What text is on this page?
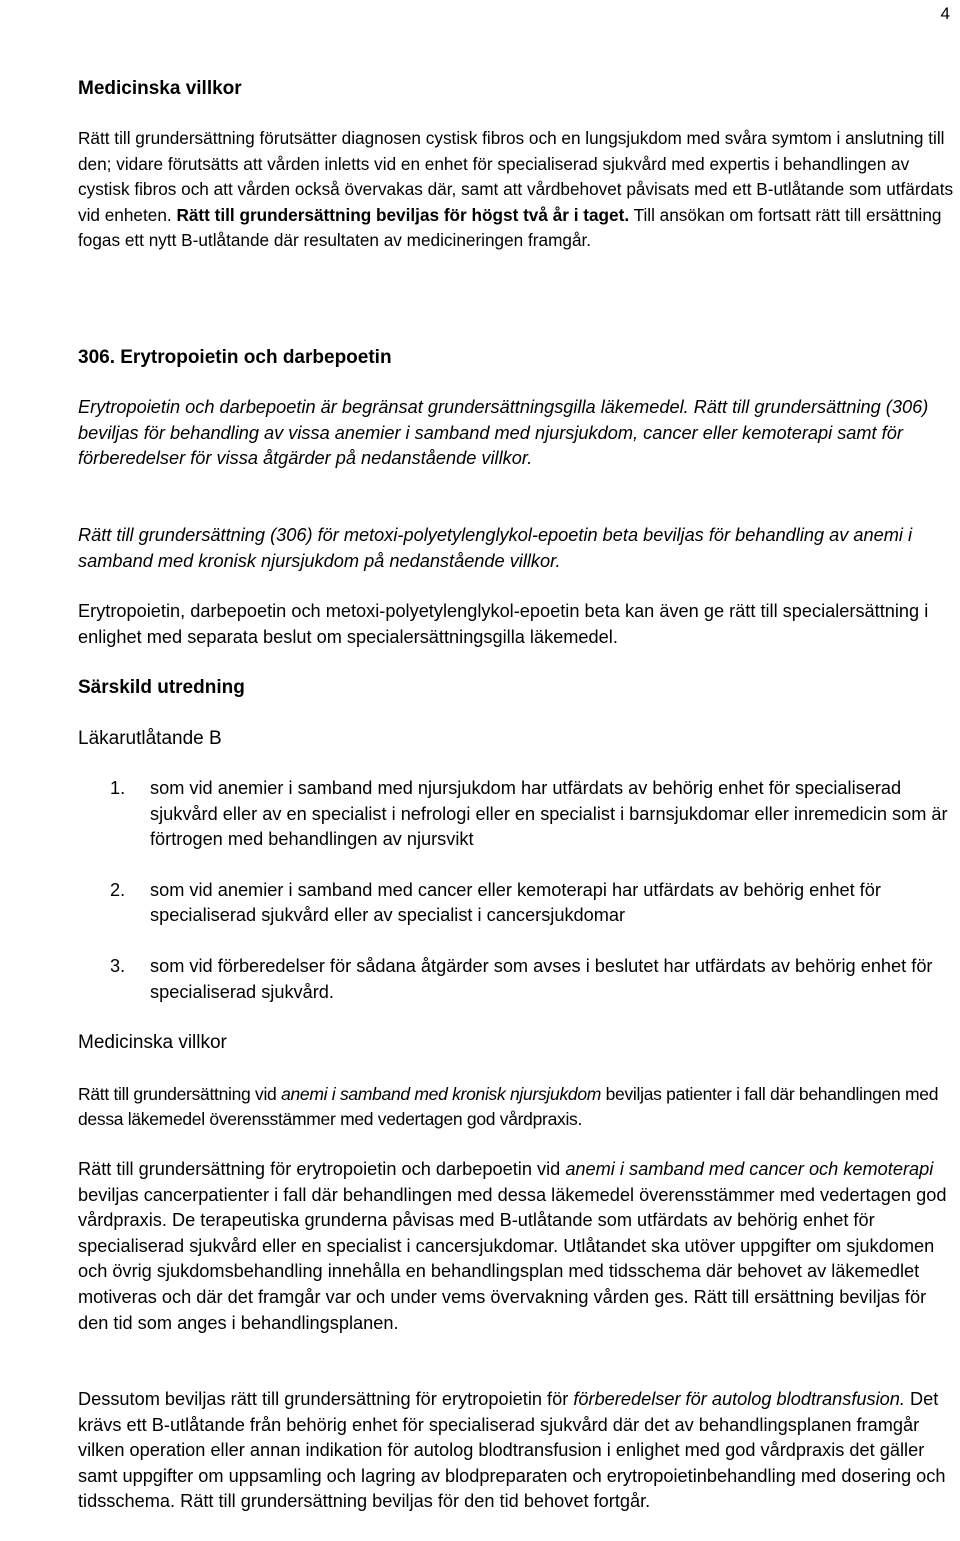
4
Medicinska villkor
Rätt till grundersättning förutsätter diagnosen cystisk fibros och en lungsjukdom med svåra symtom i anslutning till den; vidare förutsätts att vården inletts vid en enhet för specialiserad sjukvård med expertis i behandlingen av cystisk fibros och att vården också övervakas där, samt att vårdbehovet påvisats med ett B-utlåtande som utfärdats vid enheten. Rätt till grundersättning beviljas för högst två år i taget. Till ansökan om fortsatt rätt till ersättning fogas ett nytt B-utlåtande där resultaten av medicineringen framgår.
306. Erytropoietin och darbepoetin
Erytropoietin och darbepoetin är begränsat grundersättningsgilla läkemedel. Rätt till grundersättning (306) beviljas för behandling av vissa anemier i samband med njursjukdom, cancer eller kemoterapi samt för förberedelser för vissa åtgärder på nedanstående villkor.
Rätt till grundersättning (306) för metoxi-polyetylenglykol-epoetin beta beviljas för behandling av anemi i samband med kronisk njursjukdom på nedanstående villkor.
Erytropoietin, darbepoetin och metoxi-polyetylenglykol-epoetin beta kan även ge rätt till specialersättning i enlighet med separata beslut om specialersättningsgilla läkemedel.
Särskild utredning
Läkarutlåtande B
1. som vid anemier i samband med njursjukdom har utfärdats av behörig enhet för specialiserad sjukvård eller av en specialist i nefrologi eller en specialist i barnsjukdomar eller inremedicin som är förtrogen med behandlingen av njursvikt
2. som vid anemier i samband med cancer eller kemoterapi har utfärdats av behörig enhet för specialiserad sjukvård eller av specialist i cancersjukdomar
3. som vid förberedelser för sådana åtgärder som avses i beslutet har utfärdats av behörig enhet för specialiserad sjukvård.
Medicinska villkor
Rätt till grundersättning vid anemi i samband med kronisk njursjukdom beviljas patienter i fall där behandlingen med dessa läkemedel överensstämmer med vedertagen god vårdpraxis.
Rätt till grundersättning för erytropoietin och darbepoetin vid anemi i samband med cancer och kemoterapi beviljas cancerpatienter i fall där behandlingen med dessa läkemedel överensstämmer med vedertagen god vårdpraxis. De terapeutiska grunderna påvisas med B-utlåtande som utfärdats av behörig enhet för specialiserad sjukvård eller en specialist i cancersjukdomar. Utlåtandet ska utöver uppgifter om sjukdomen och övrig sjukdomsbehandling innehålla en behandlingsplan med tidsschema där behovet av läkemedlet motiveras och där det framgår var och under vems övervakning vården ges. Rätt till ersättning beviljas för den tid som anges i behandlingsplanen.
Dessutom beviljas rätt till grundersättning för erytropoietin för förberedelser för autolog blodtransfusion. Det krävs ett B-utlåtande från behörig enhet för specialiserad sjukvård där det av behandlingsplanen framgår vilken operation eller annan indikation för autolog blodtransfusion i enlighet med god vårdpraxis det gäller samt uppgifter om uppsamling och lagring av blodpreparaten och erytropoietinbehandling med dosering och tidsschema. Rätt till grundersättning beviljas för den tid behovet fortgår.
